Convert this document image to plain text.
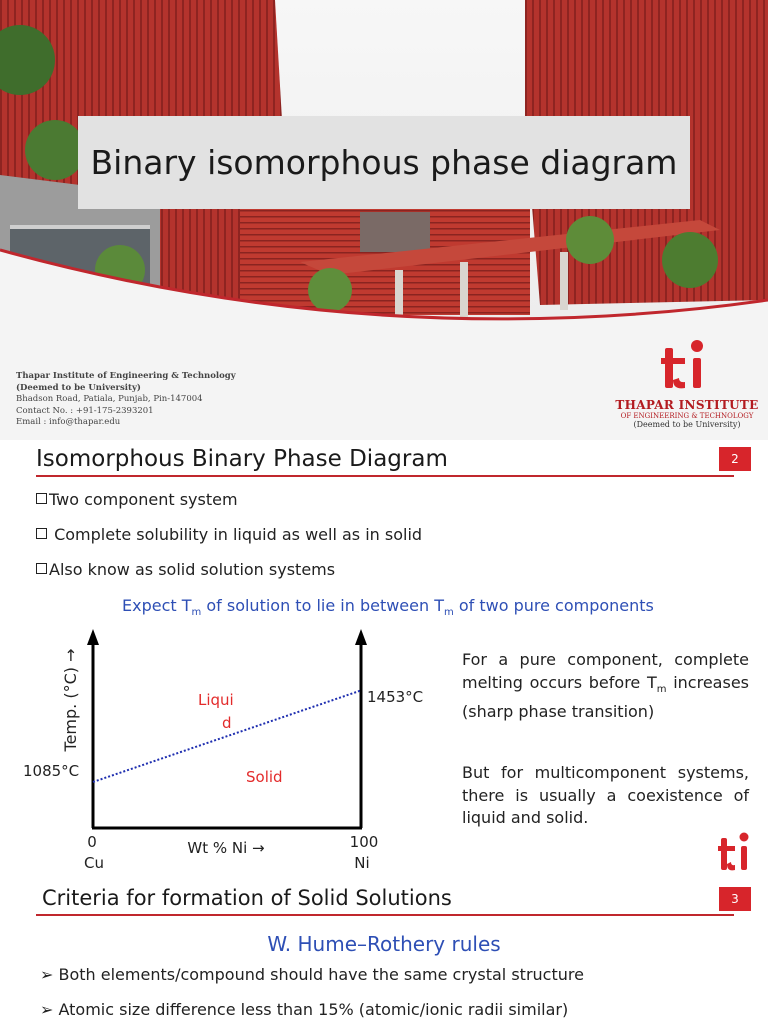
Binary isomorphous phase diagram
Thapar Institute of Engineering & Technology
(Deemed to be University)
Bhadson Road, Patiala, Punjab, Pin-147004
Contact No. : +91-175-2393201
Email : info@thapar.edu
THAPAR INSTITUTE
OF ENGINEERING & TECHNOLOGY
(Deemed to be University)
Isomorphous Binary Phase Diagram	2
Two component system
Complete solubility in liquid as well as in solid
Also know as solid solution systems
Expect $T_m$ of solution to lie in between $T_m$ of two pure components
Temp. (°C) →
1085°C
1453°C
Liqui
d
Solid
0
Cu
100
Ni
Wt % Ni →
For a pure component, complete melting occurs before $T_m$ increases (sharp phase transition)
But for multicomponent systems, there is usually a coexistence of liquid and solid.
Criteria for formation of Solid Solutions	3
W. Hume–Rothery rules
➢ Both elements/compound should have the same crystal structure
➢ Atomic size difference less than 15% (atomic/ionic radii similar)
